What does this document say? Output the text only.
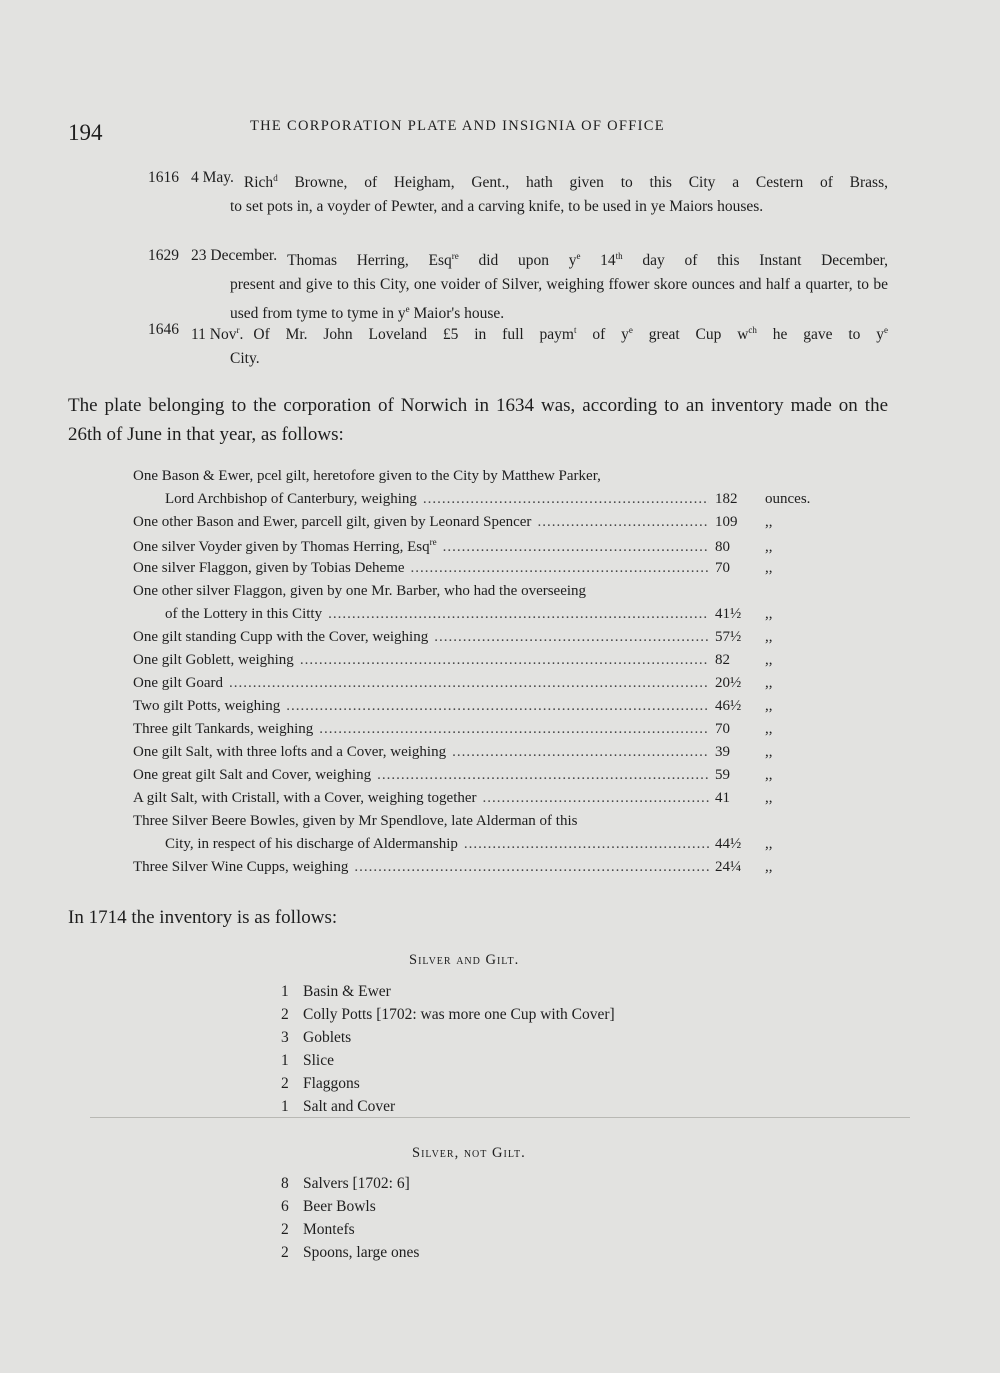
194	THE CORPORATION PLATE AND INSIGNIA OF OFFICE
1616 4 May. Rich$^d$ Browne, of Heigham, Gent., hath given to this City a Cestern of Brass,
to set pots in, a voyder of Pewter, and a carving knife, to be used in ye Maiors houses.
1629 23 December. Thomas Herring, Esq$^{re}$ did upon $y^e$ 14th day of this Instant December,
present and give to this City, one voider of Silver, weighing ffower skore ounces and half a quarter, to be used from tyme to tyme in $y^e$ Maior's house.
1646 11 Nov$^r$. Of Mr. John Loveland £5 in full paym$^t$ of $y^e$ great Cup $w^{ch}$ he gave to $y^e$
City.
The plate belonging to the corporation of Norwich in 1634 was, according to an inventory made on the 26th of June in that year, as follows:
One Bason & Ewer, pcel gilt, heretofore given to the City by Matthew Parker,
Lord Archbishop of Canterbury, weighing .....	182	ounces.
One other Bason and Ewer, parcell gilt, given by Leonard Spencer .....	109	,,
One silver Voyder given by Thomas Herring, Esq$^{re}$ .....	80	,,
One silver Flaggon, given by Tobias Deheme .....	70	,,
One other silver Flaggon, given by one Mr. Barber, who had the overseeing
of the Lottery in this Citty .....	41½	,,
One gilt standing Cupp with the Cover, weighing .....	57½	,,
One gilt Goblett, weighing .....	82	,,
One gilt Goard .....	20½	,,
Two gilt Potts, weighing .....	46½	,,
Three gilt Tankards, weighing .....	70	,,
One gilt Salt, with three lofts and a Cover, weighing .....	39	,,
One great gilt Salt and Cover, weighing .....	59	,,
A gilt Salt, with Cristall, with a Cover, weighing together .....	41	,,
Three Silver Beere Bowles, given by Mr Spendlove, late Alderman of this
City, in respect of his discharge of Aldermanship .....	44½	,,
Three Silver Wine Cupps, weighing .....	24¼	,,
In 1714 the inventory is as follows:
Silver and Gilt.
1 Basin & Ewer
2 Colly Potts [1702: was more one Cup with Cover]
3 Goblets
1 Slice
2 Flaggons
1 Salt and Cover
Silver, not Gilt.
8 Salvers [1702: 6]
6 Beer Bowls
2 Montefs
2 Spoons, large ones
